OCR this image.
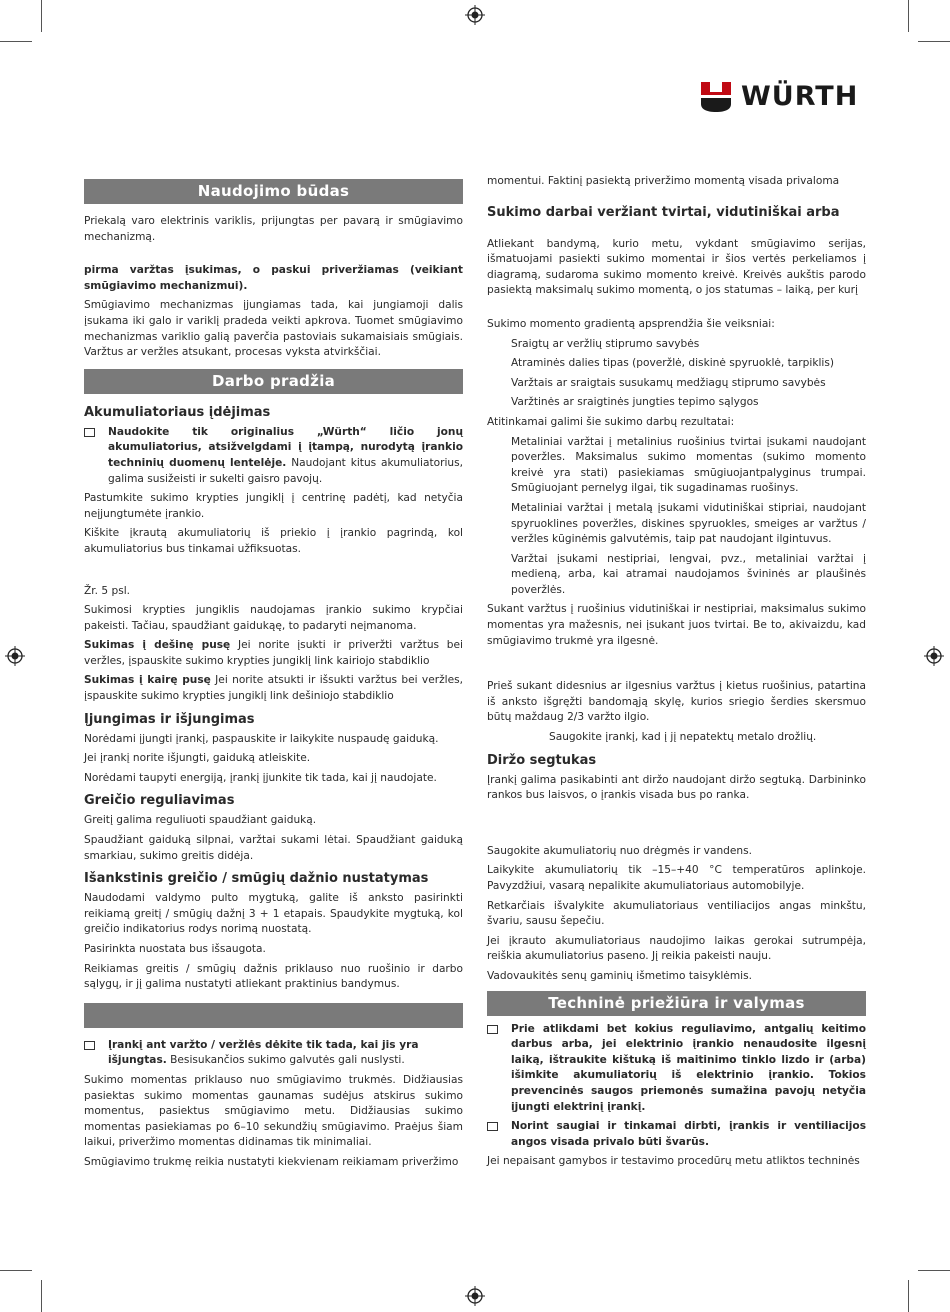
WÜRTH
Naudojimo būdas

Priekalą varo elektrinis variklis, prijungtas per pavarą ir smūgiavimo mechanizmą.

pirma varžtas įsukimas, o paskui priveržiamas (veikiant smūgiavimo mechanizmui).

Smūgiavimo mechanizmas įjungiamas tada, kai jungiamoji dalis įsukama iki galo ir variklį pradeda veikti apkrova. Tuomet smūgiavimo mechanizmas variklio galią paverčia pastoviais sukamaisiais smūgiais. Varžtus ar veržles atsukant, procesas vyksta atvirkščiai.

Darbo pradžia
Akumuliatoriaus įdėjimas
Naudokite tik originalius „Würth“ ličio jonų akumuliatorius, atsižvelgdami į įtampą, nurodytą įrankio techninių duomenų lentelėje. Naudojant kitus akumuliatorius, galima susižeisti ir sukelti gaisro pavojų.

Pastumkite sukimo krypties jungiklį į centrinę padėtį, kad netyčia neįjungtumėte įrankio.

Kiškite įkrautą akumuliatorių iš priekio į įrankio pagrindą, kol akumuliatorius bus tinkamai užfiksuotas.

Žr. 5 psl.

Sukimosi krypties jungiklis naudojamas įrankio sukimo krypčiai pakeisti. Tačiau, spaudžiant gaidukąę, to padaryti neįmanoma.

Sukimas į dešinę pusę Jei norite įsukti ir priveržti varžtus bei veržles, įspauskite sukimo krypties jungiklį link kairiojo stabdiklio

Sukimas į kairę pusę Jei norite atsukti ir išsukti varžtus bei veržles, įspauskite sukimo krypties jungiklį link dešiniojo stabdiklio

Įjungimas ir išjungimas

Norėdami įjungti įrankį, paspauskite ir laikykite nuspaudę gaiduką.

Jei įrankį norite išjungti, gaiduką atleiskite.

Norėdami taupyti energiją, įrankį įjunkite tik tada, kai jį naudojate.

Greičio reguliavimas

Greitį galima reguliuoti spaudžiant gaiduką.

Spaudžiant gaiduką silpnai, varžtai sukami lėtai. Spaudžiant gaiduką smarkiau, sukimo greitis didėja.

Išankstinis greičio / smūgių dažnio nustatymas

Naudodami valdymo pulto mygtuką, galite iš anksto pasirinkti reikiamą greitį / smūgių dažnį 3 + 1 etapais. Spaudykite mygtuką, kol greičio indikatorius rodys norimą nuostatą.

Pasirinkta nuostata bus išsaugota.

Reikiamas greitis / smūgių dažnis priklauso nuo ruošinio ir darbo sąlygų, ir jį galima nustatyti atliekant praktinius bandymus.

Įrankį ant varžto / veržlės dėkite tik tada, kai jis yra išjungtas. Besisukančios sukimo galvutės gali nuslysti.

Sukimo momentas priklauso nuo smūgiavimo trukmės. Didžiausias pasiektas sukimo momentas gaunamas sudėjus atskirus sukimo momentus, pasiektus smūgiavimo metu. Didžiausias sukimo momentas pasiekiamas po 6–10 sekundžių smūgiavimo. Praėjus šiam laikui, priveržimo momentas didinamas tik minimaliai.

Smūgiavimo trukmę reikia nustatyti kiekvienam reikiamam priveržimo

momentui. Faktinį pasiektą priveržimo momentą visada privaloma

Sukimo darbai veržiant tvirtai, vidutiniškai arba

Atliekant bandymą, kurio metu, vykdant smūgiavimo serijas, išmatuojami pasiekti sukimo momentai ir šios vertės perkeliamos į diagramą, sudaroma sukimo momento kreivė. Kreivės aukštis parodo pasiektą maksimalų sukimo momentą, o jos statumas – laiką, per kurį

Sukimo momento gradientą apsprendžia šie veiksniai:

Sraigtų ar veržlių stiprumo savybės

Atraminės dalies tipas (poveržlė, diskinė spyruoklė, tarpiklis)

Varžtais ar sraigtais susukamų medžiagų stiprumo savybės

Varžtinės ar sraigtinės jungties tepimo sąlygos

Atitinkamai galimi šie sukimo darbų rezultatai:

Metaliniai varžtai į metalinius ruošinius tvirtai įsukami naudojant poveržles. Maksimalus sukimo momentas (sukimo momento kreivė yra stati) pasiekiamas smūgiuojantpalyginus trumpai. Smūgiuojant pernelyg ilgai, tik sugadinamas ruošinys.

Metaliniai varžtai į metalą įsukami vidutiniškai stipriai, naudojant spyruoklines poveržles, diskines spyruokles, smeiges ar varžtus / veržles kūginėmis galvutėmis, taip pat naudojant ilgintuvus.

Varžtai įsukami nestipriai, lengvai, pvz., metaliniai varžtai į medieną, arba, kai atramai naudojamos švininės ar plaušinės poveržlės.

Sukant varžtus į ruošinius vidutiniškai ir nestipriai, maksimalus sukimo momentas yra mažesnis, nei įsukant juos tvirtai. Be to, akivaizdu, kad smūgiavimo trukmė yra ilgesnė.

Prieš sukant didesnius ar ilgesnius varžtus į kietus ruošinius, patartina iš anksto išgręžti bandomąją skylę, kurios sriegio šerdies skersmuo būtų maždaug 2/3 varžto ilgio.

Saugokite įrankį, kad į jį nepatektų metalo drožlių.

Diržo segtukas

Įrankį galima pasikabinti ant diržo naudojant diržo segtuką. Darbininko rankos bus laisvos, o įrankis visada bus po ranka.

Saugokite akumuliatorių nuo drėgmės ir vandens.

Laikykite akumuliatorių tik –15–+40 °C temperatūros aplinkoje. Pavyzdžiui, vasarą nepalikite akumuliatoriaus automobilyje.

Retkarčiais išvalykite akumuliatoriaus ventiliacijos angas minkštu, švariu, sausu šepečiu.

Jei įkrauto akumuliatoriaus naudojimo laikas gerokai sutrumpėja, reiškia akumuliatorius paseno. Jį reikia pakeisti nauju.

Vadovaukitės senų gaminių išmetimo taisyklėmis.

Techninė priežiūra ir valymas
Prie atlikdami bet kokius reguliavimo, antgalių keitimo darbus arba, jei elektrinio įrankio nenaudosite ilgesnį laiką, ištraukite kištuką iš maitinimo tinklo lizdo ir (arba) išimkite akumuliatorių iš elektrinio įrankio. Tokios prevencinės saugos priemonės sumažina pavojų netyčia įjungti elektrinį įrankį.
Norint saugiai ir tinkamai dirbti, įrankis ir ventiliacijos angos visada privalo būti švarūs.

Jei nepaisant gamybos ir testavimo procedūrų metu atliktos techninės
